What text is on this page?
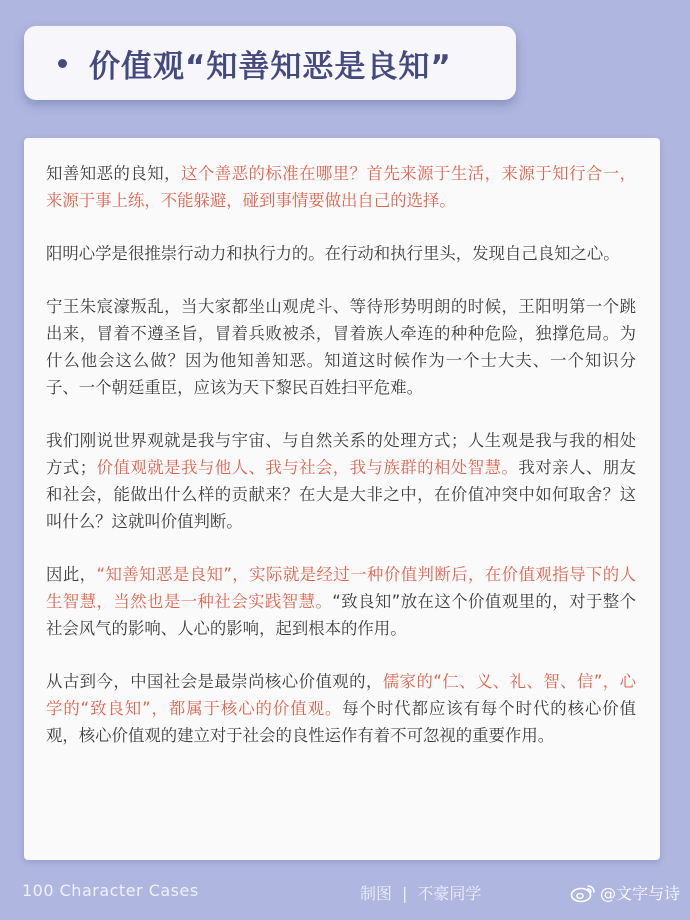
价值观“知善知恶是良知”

知善知恶的良知，这个善恶的标准在哪里？首先来源于生活，来源于知行合一，来源于事上练，不能躲避，碰到事情要做出自己的选择。

阳明心学是很推崇行动力和执行力的。在行动和执行里头，发现自己良知之心。

宁王朱宸濠叛乱，当大家都坐山观虎斗、等待形势明朗的时候，王阳明第一个跳出来，冒着不遵圣旨，冒着兵败被杀，冒着族人牵连的种种危险，独撑危局。为什么他会这么做？因为他知善知恶。知道这时候作为一个士大夫、一个知识分子、一个朝廷重臣，应该为天下黎民百姓扫平危难。

我们刚说世界观就是我与宇宙、与自然关系的处理方式；人生观是我与我的相处方式；价值观就是我与他人、我与社会，我与族群的相处智慧。我对亲人、朋友和社会，能做出什么样的贡献来？在大是大非之中，在价值冲突中如何取舍？这叫什么？这就叫价值判断。

因此，“知善知恶是良知”，实际就是经过一种价值判断后，在价值观指导下的人生智慧，当然也是一种社会实践智慧。“致良知”放在这个价值观里的，对于整个社会风气的影响、人心的影响，起到根本的作用。

从古到今，中国社会是最崇尚核心价值观的，儒家的“仁、义、礼、智、信”，心学的“致良知”，都属于核心的价值观。每个时代都应该有每个时代的核心价值观，核心价值观的建立对于社会的良性运作有着不可忽视的重要作用。

100 Character Cases	制图 | 不豪同学	@文字与诗
